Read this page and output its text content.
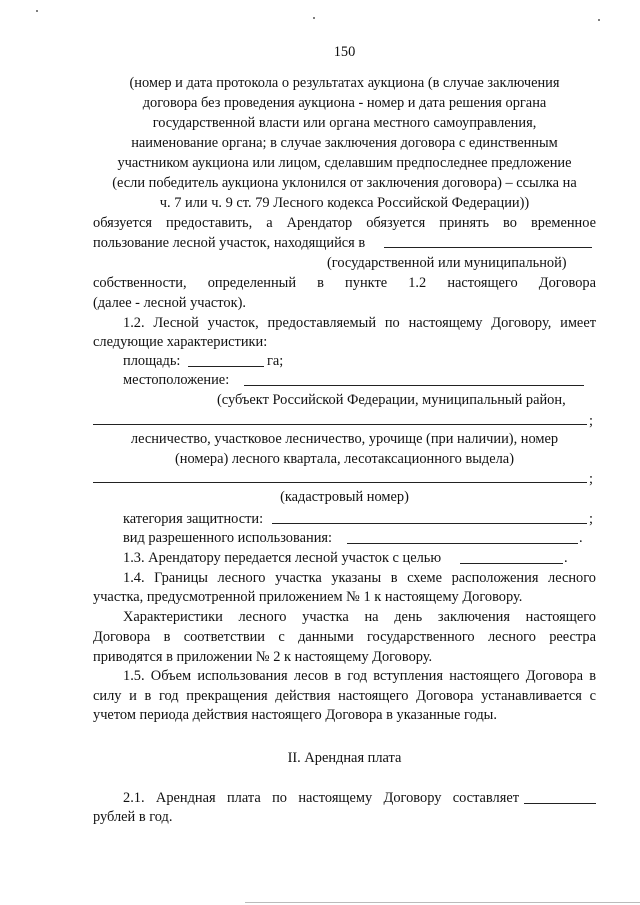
150
(номер и дата протокола о результатах аукциона (в случае заключения
договора без проведения аукциона - номер и дата решения органа
государственной власти или органа местного самоуправления,
наименование органа; в случае заключения договора с единственным
участником аукциона или лицом, сделавшим предпоследнее предложение
(если победитель аукциона уклонился от заключения договора) – ссылка на
ч. 7 или ч. 9 ст. 79 Лесного кодекса Российской Федерации))
обязуется предоставить, а Арендатор обязуется принять во временное
пользование лесной участок, находящийся в
(государственной или муниципальной)
собственности, определенный в пункте 1.2 настоящего Договора
(далее - лесной участок).
1.2. Лесной участок, предоставляемый по настоящему Договору, имеет
следующие характеристики:
площадь:	га;
местоположение:
(субъект Российской Федерации, муниципальный район,
;
лесничество, участковое лесничество, урочище (при наличии), номер
(номера) лесного квартала, лесотаксационного выдела)
;
(кадастровый номер)
категория защитности:	;
вид разрешенного использования:	.
1.3. Арендатору передается лесной участок с целью	.
1.4. Границы лесного участка указаны в схеме расположения лесного
участка, предусмотренной приложением № 1 к настоящему Договору.
Характеристики лесного участка на день заключения настоящего
Договора в соответствии с данными государственного лесного реестра
приводятся в приложении № 2 к настоящему Договору.
1.5. Объем использования лесов в год вступления настоящего Договора в
силу и в год прекращения действия настоящего Договора устанавливается с
учетом периода действия настоящего Договора в указанные годы.
II. Арендная плата
2.1. Арендная плата по настоящему Договору составляет
рублей в год.
